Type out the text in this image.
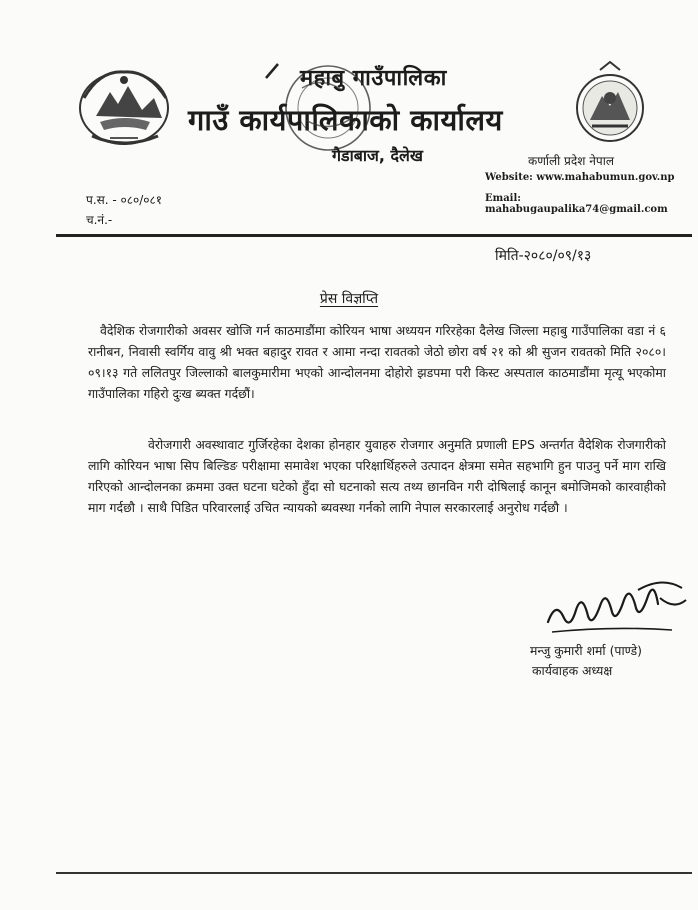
महाबु गाउँपालिका
गाउँ कार्यपालिकाको कार्यालय
गैडाबाज, दैलेख	कर्णाली प्रदेश नेपाल
Website: www.mahabumun.gov.np
Email: mahabugaupalika74@gmail.com
प.स. - ०८०/०८१
च.नं.-
मिति-२०८०/०९/१३
प्रेस विज्ञप्ति
वैदेशिक रोजगारीको अवसर खोजि गर्न काठमाडौंमा कोरियन भाषा अध्ययन गरिरहेका दैलेख जिल्ला महाबु गाउँपालिका वडा नं ६ रानीबन, निवासी स्वर्गिय वावु श्री भक्त बहादुर रावत र आमा नन्दा रावतको जेठो छोरा वर्ष २१ को श्री सुजन रावतको मिति २०८०।०९।१३ गते ललितपुर जिल्लाको बालकुमारीमा भएको आन्दोलनमा दोहोरो झडपमा परी किस्ट अस्पताल काठमाडौंमा मृत्यू भएकोमा गाउँपालिका गहिरो दुःख ब्यक्त गर्दछौं।
वेरोजगारी अवस्थावाट गुर्जिरहेका देशका होनहार युवाहरु रोजगार अनुमति प्रणाली EPS अन्तर्गत वैदेशिक रोजगारीको लागि कोरियन भाषा सिप बिल्डिङ परीक्षामा समावेश भएका परिक्षार्थिहरुले उत्पादन क्षेत्रमा समेत सहभागि हुन पाउनु पर्ने माग राखि गरिएको आन्दोलनका क्रममा उक्त घटना घटेको हुँदा सो घटनाको सत्य तथ्य छानविन गरी दोषिलाई कानून बमोजिमको कारवाहीको माग गर्दछौ । साथै पिडित परिवारलाई उचित न्यायको ब्यवस्था गर्नको लागि नेपाल सरकारलाई अनुरोध गर्दछौ ।
मन्जु कुमारी शर्मा (पाण्डे)
कार्यवाहक अध्यक्ष
